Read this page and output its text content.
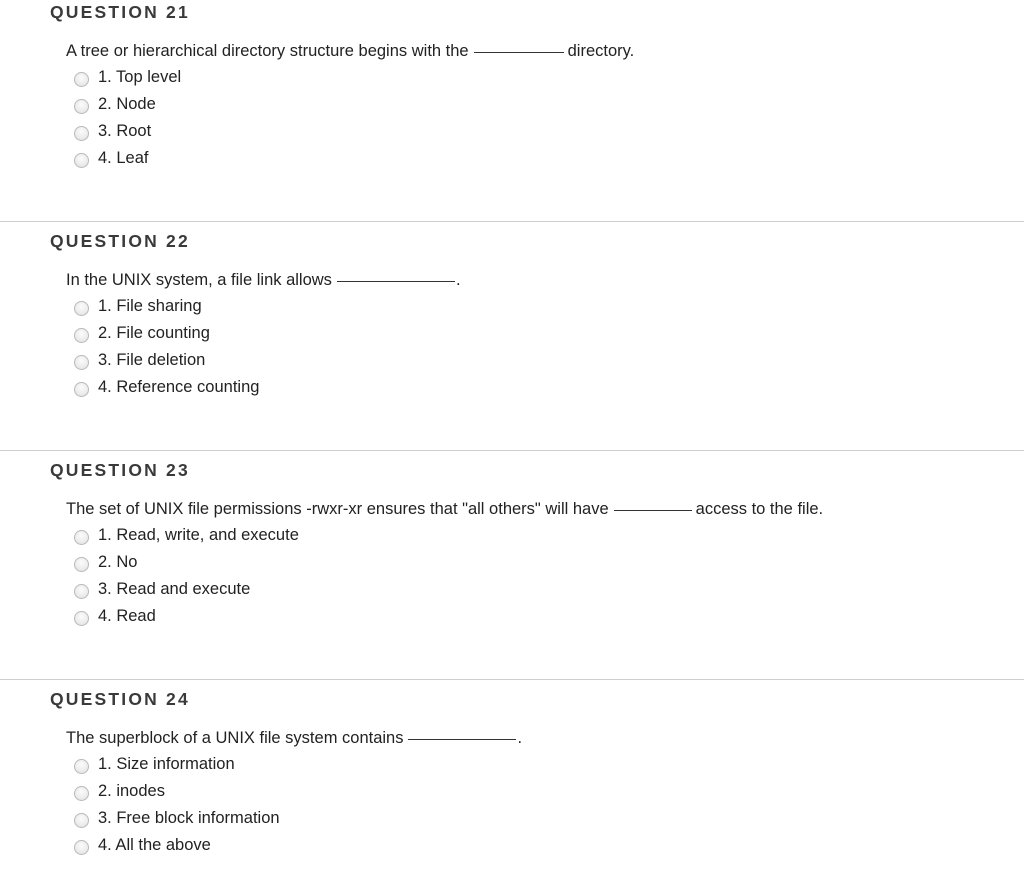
QUESTION 21
A tree or hierarchical directory structure begins with the	directory.
1. Top level
2. Node
3. Root
4. Leaf
QUESTION 22
In the UNIX system, a file link allows	.
1. File sharing
2. File counting
3. File deletion
4. Reference counting
QUESTION 23
The set of UNIX file permissions -rwxr-xr ensures that "all others" will have	access to the file.
1. Read, write, and execute
2. No
3. Read and execute
4. Read
QUESTION 24
The superblock of a UNIX file system contains	.
1. Size information
2. inodes
3. Free block information
4. All the above
